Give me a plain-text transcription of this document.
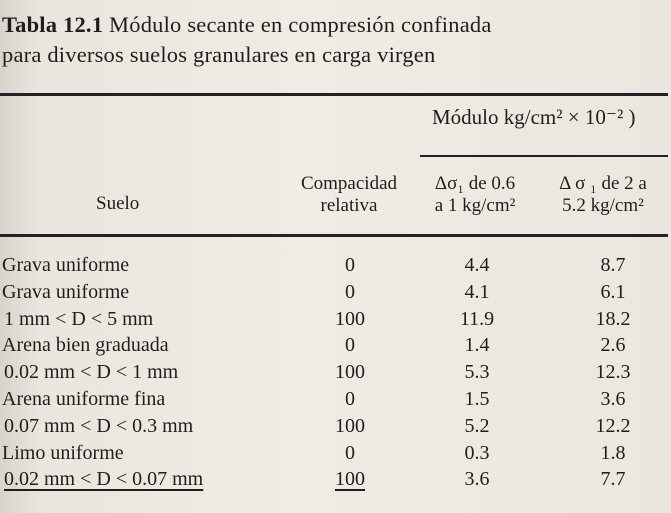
Tabla 12.1 Módulo secante en compresión confinada
para diversos suelos granulares en carga virgen
Módulo kg/cm² × 10⁻² )
Suelo
Compacidad
relativa
Δσ₁ de 0.6
a 1 kg/cm²
Δ σ ₁ de 2 a
5.2 kg/cm²
Grava uniforme	0	4.4	8.7
Grava uniforme	0	4.1	6.1
1 mm < D < 5 mm	100	11.9	18.2
Arena bien graduada	0	1.4	2.6
0.02 mm < D < 1 mm	100	5.3	12.3
Arena uniforme fina	0	1.5	3.6
0.07 mm < D < 0.3 mm	100	5.2	12.2
Limo uniforme	0	0.3	1.8
0.02 mm < D < 0.07 mm	100	3.6	7.7
